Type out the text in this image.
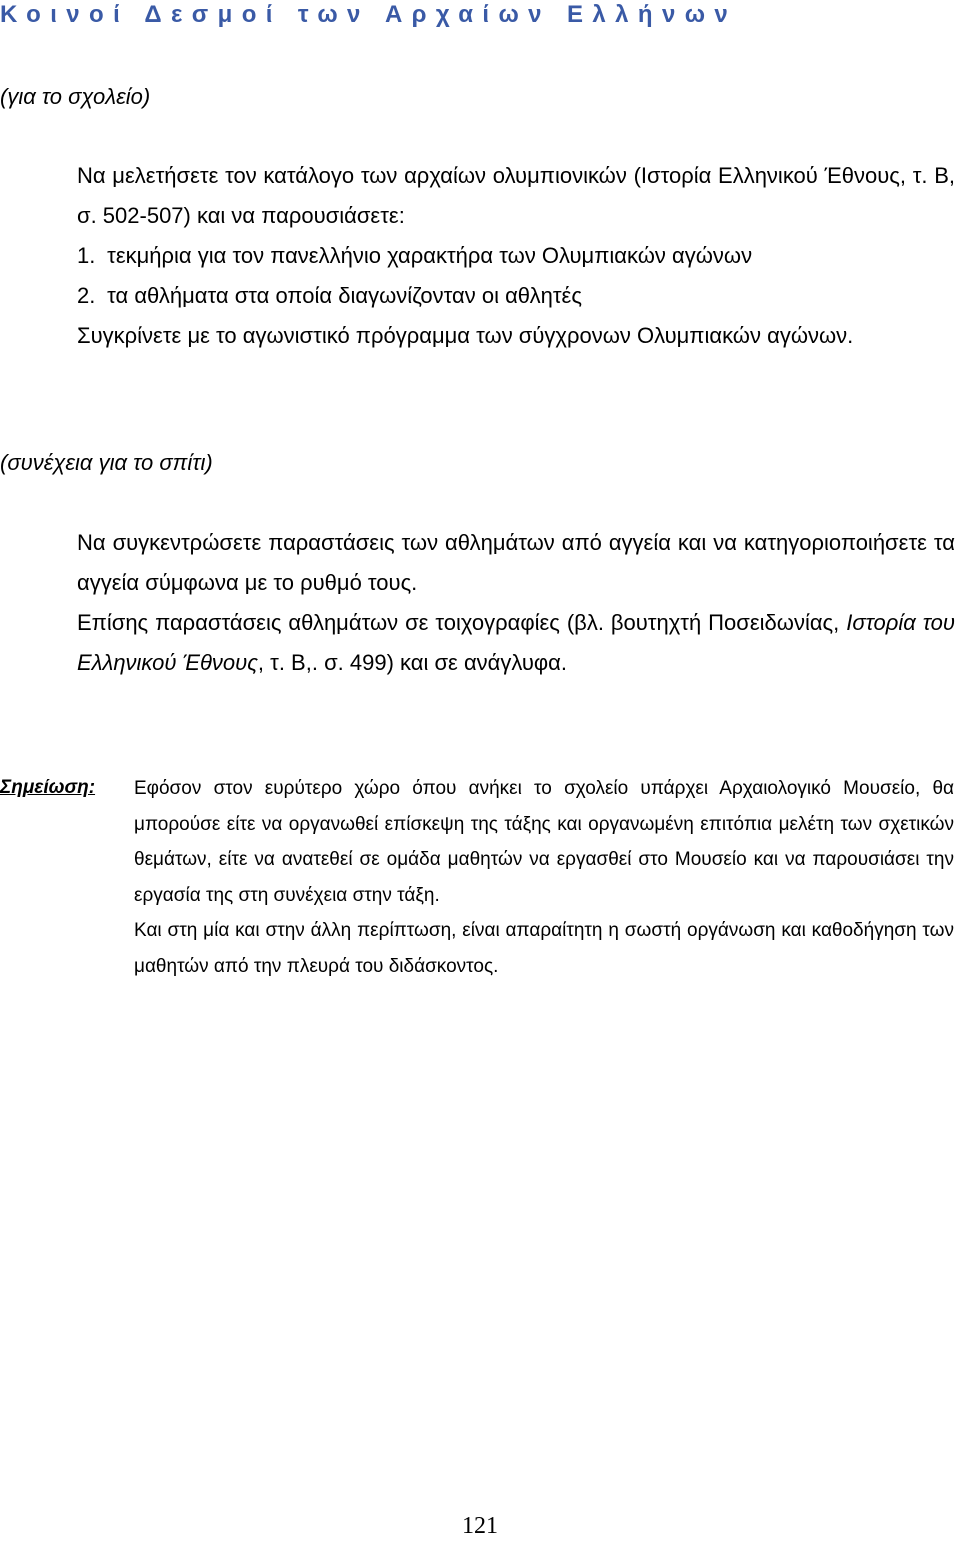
Κοινοί Δεσμοί των Αρχαίων Ελλήνων

(για το σχολείο)

Να μελετήσετε τον κατάλογο των αρχαίων ολυμπιονικών (Ιστορία Ελληνικού Έθνους, τ. Β, σ. 502-507) και να παρουσιάσετε:

1. τεκμήρια για τον πανελλήνιο χαρακτήρα των Ολυμπιακών αγώνων

2. τα αθλήματα στα οποία διαγωνίζονταν οι αθλητές

Συγκρίνετε με το αγωνιστικό πρόγραμμα των σύγχρονων Ολυμπιακών αγώνων.

(συνέχεια για το σπίτι)

Να συγκεντρώσετε παραστάσεις των αθλημάτων από αγγεία και να κατηγοριοποιήσετε τα αγγεία σύμφωνα με το ρυθμό τους.

Επίσης παραστάσεις αθλημάτων σε τοιχογραφίες (βλ. βουτηχτή Ποσειδωνίας, Ιστορία του Ελληνικού Έθνους, τ. Β,. σ. 499) και σε ανάγλυφα.

Σημείωση: Εφόσον στον ευρύτερο χώρο όπου ανήκει το σχολείο υπάρχει Αρχαιολογικό Μουσείο, θα μπορούσε είτε να οργανωθεί επίσκεψη της τάξης και οργανωμένη επιτόπια μελέτη των σχετικών θεμάτων, είτε να ανατεθεί σε ομάδα μαθητών να εργασθεί στο Μουσείο και να παρουσιάσει την εργασία της στη συνέχεια στην τάξη.

Και στη μία και στην άλλη περίπτωση, είναι απαραίτητη η σωστή οργάνωση και καθοδήγηση των μαθητών από την πλευρά του διδάσκοντος.

121
